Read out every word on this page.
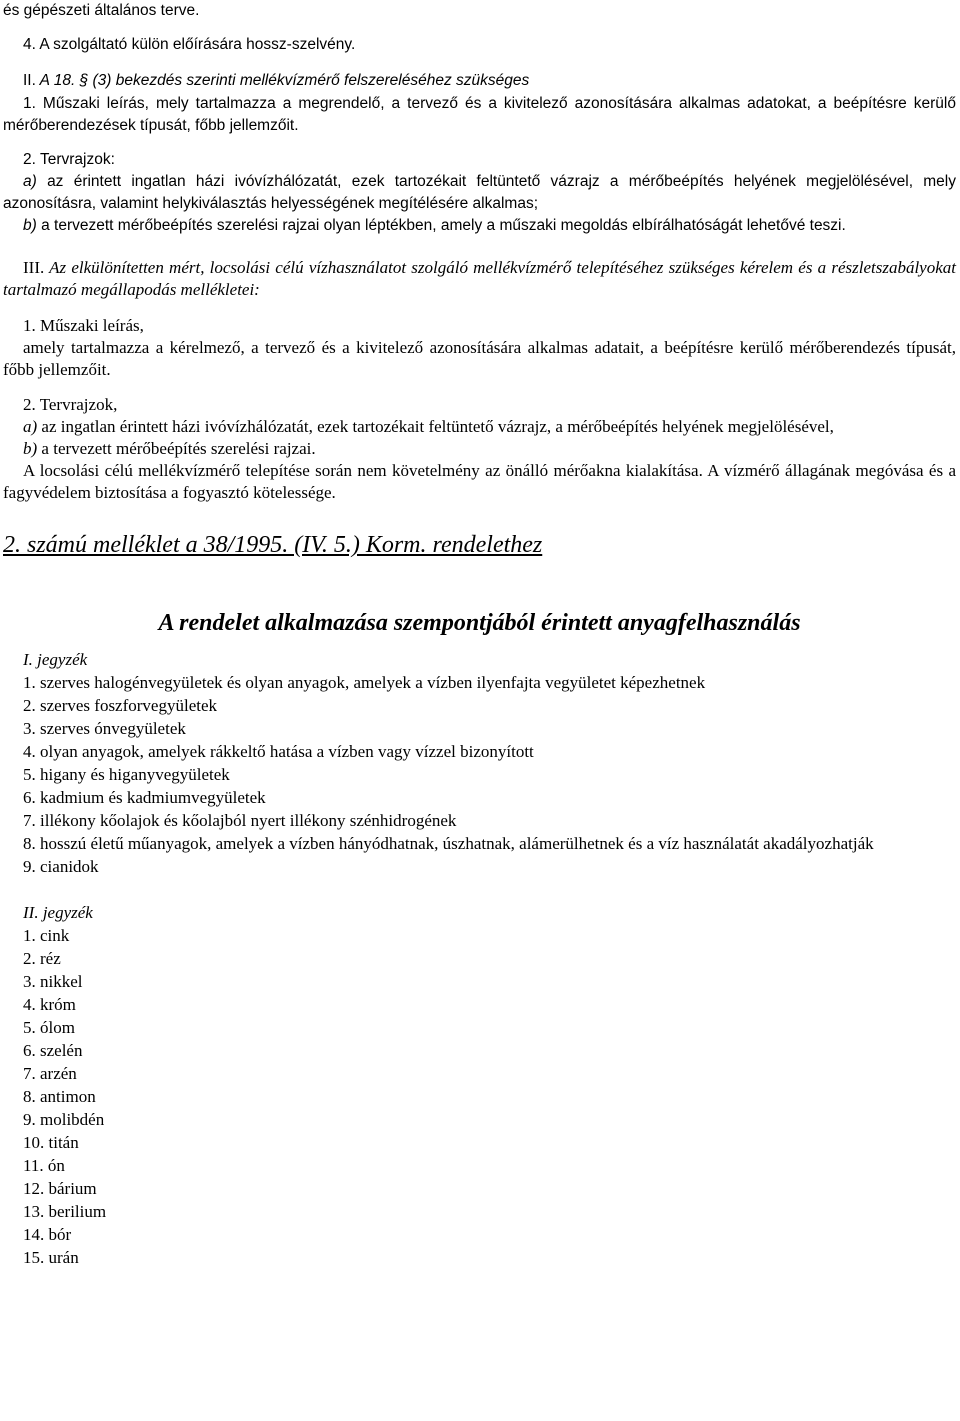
és gépészeti általános terve.

4. A szolgáltató külön előírására hossz-szelvény.

II. A 18. § (3) bekezdés szerinti mellékvízmérő felszereléséhez szükséges

1. Műszaki leírás, mely tartalmazza a megrendelő, a tervező és a kivitelező azonosítására alkalmas adatokat, a beépítésre kerülő mérőberendezések típusát, főbb jellemzőit.

2. Tervrajzok:

a) az érintett ingatlan házi ivóvízhálózatát, ezek tartozékait feltüntető vázrajz a mérőbeépítés helyének megjelölésével, mely azonosításra, valamint helykiválasztás helyességének megítélésére alkalmas;

b) a tervezett mérőbeépítés szerelési rajzai olyan léptékben, amely a műszaki megoldás elbírálhatóságát lehetővé teszi.

III. Az elkülönítetten mért, locsolási célú vízhasználatot szolgáló mellékvízmérő telepítéséhez szükséges kérelem és a részletszabályokat tartalmazó megállapodás mellékletei:

1. Műszaki leírás,

amely tartalmazza a kérelmező, a tervező és a kivitelező azonosítására alkalmas adatait, a beépítésre kerülő mérőberendezés típusát, főbb jellemzőit.

2. Tervrajzok,

a) az ingatlan érintett házi ivóvízhálózatát, ezek tartozékait feltüntető vázrajz, a mérőbeépítés helyének megjelölésével,

b) a tervezett mérőbeépítés szerelési rajzai.

A locsolási célú mellékvízmérő telepítése során nem követelmény az önálló mérőakna kialakítása. A vízmérő állagának megóvása és a fagyvédelem biztosítása a fogyasztó kötelessége.

2. számú melléklet a 38/1995. (IV. 5.) Korm. rendelethez

A rendelet alkalmazása szempontjából érintett anyagfelhasználás

I. jegyzék

1. szerves halogénvegyületek és olyan anyagok, amelyek a vízben ilyenfajta vegyületet képezhetnek

2. szerves foszforvegyületek

3. szerves ónvegyületek

4. olyan anyagok, amelyek rákkeltő hatása a vízben vagy vízzel bizonyított

5. higany és higanyvegyületek

6. kadmium és kadmiumvegyületek

7. illékony kőolajok és kőolajból nyert illékony szénhidrogének

8. hosszú életű műanyagok, amelyek a vízben hányódhatnak, úszhatnak, alámerülhetnek és a víz használatát akadályozhatják

9. cianidok

II. jegyzék

1. cink

2. réz

3. nikkel

4. króm

5. ólom

6. szelén

7. arzén

8. antimon

9. molibdén

10. titán

11. ón

12. bárium

13. berilium

14. bór

15. urán
